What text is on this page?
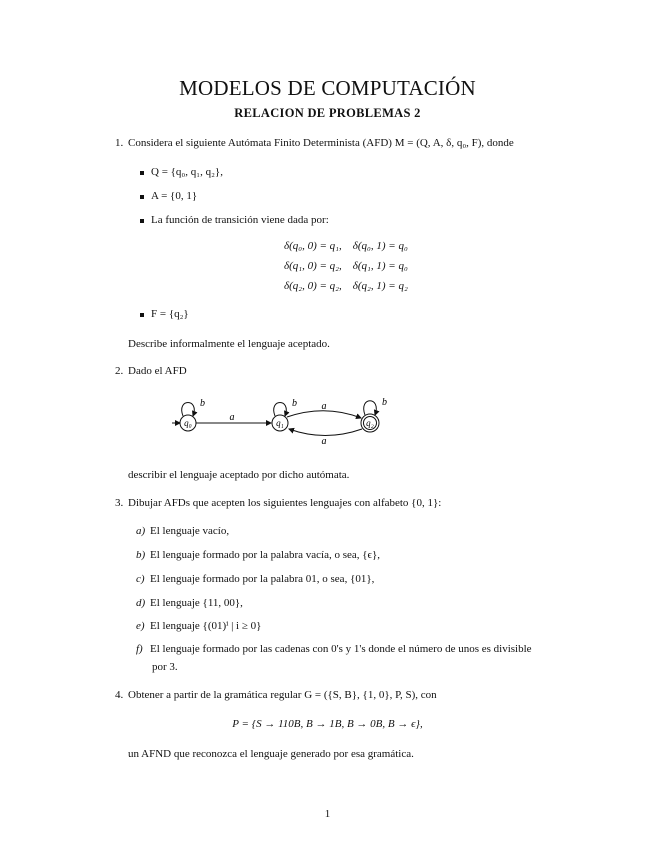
MODELOS DE COMPUTACIÓN
RELACION DE PROBLEMAS 2
1. Considera el siguiente Autómata Finito Determinista (AFD) M = (Q, A, δ, q₀, F), donde
Q = {q₀, q₁, q₂},
A = {0, 1}
La función de transición viene dada por:
δ(q₀, 0) = q₁,    δ(q₀, 1) = q₀
δ(q₁, 0) = q₂,    δ(q₁, 1) = q₀
δ(q₂, 0) = q₂,    δ(q₂, 1) = q₂
F = {q₂}
Describe informalmente el lenguaje aceptado.
2. Dado el AFD
q₀	q₁	q₂
b	b	b
a
a
a
describir el lenguaje aceptado por dicho autómata.
3. Dibujar AFDs que acepten los siguientes lenguajes con alfabeto {0, 1}:
a) El lenguaje vacío,
b) El lenguaje formado por la palabra vacía, o sea, {ϵ},
c) El lenguaje formado por la palabra 01, o sea, {01},
d) El lenguaje {11, 00},
e) El lenguaje {(01)ⁱ | i ≥ 0}
f) El lenguaje formado por las cadenas con 0's y 1's donde el número de unos es divisible
por 3.
4. Obtener a partir de la gramática regular G = ({S, B}, {1, 0}, P, S), con
P = {S → 110B, B → 1B, B → 0B, B → ϵ},
un AFND que reconozca el lenguaje generado por esa gramática.
1
